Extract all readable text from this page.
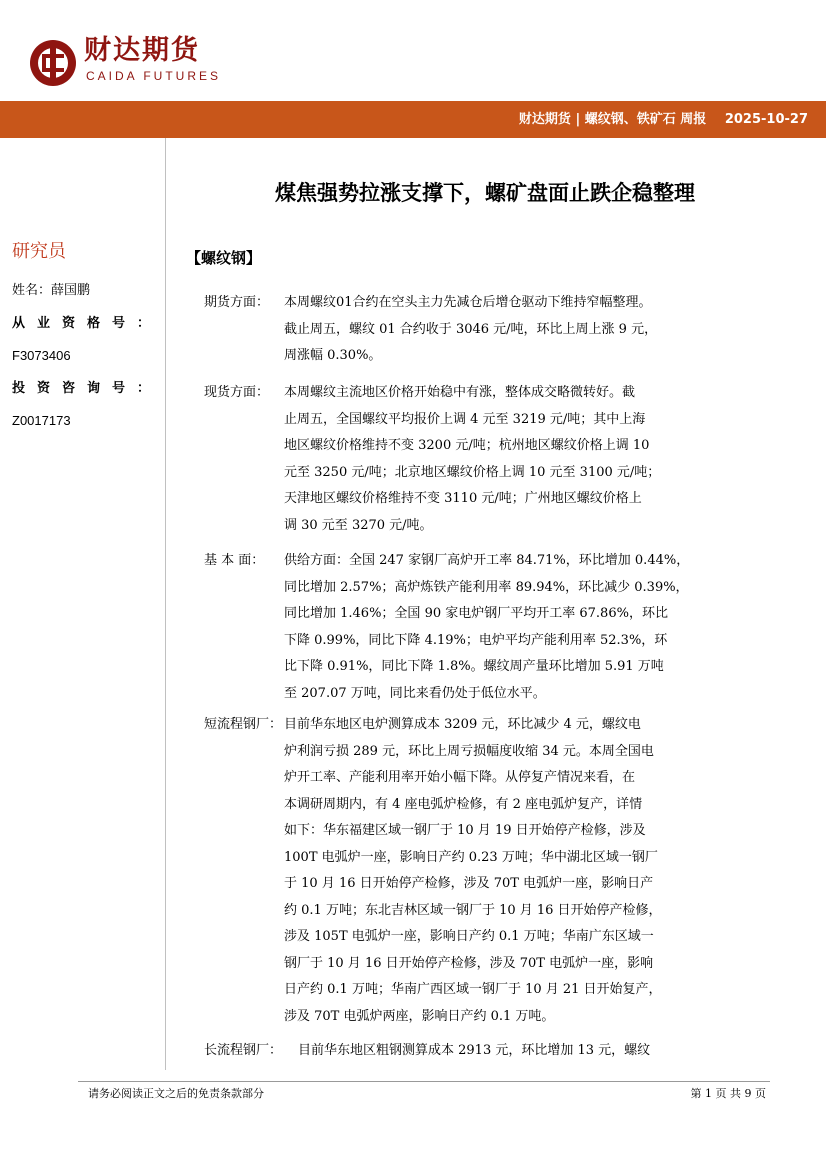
财达期货
CAIDA FUTURES
财达期货 | 螺纹钢、铁矿石 周报 2025-10-27
煤焦强势拉涨支撑下，螺矿盘面止跌企稳整理
研究员
姓名：薛国鹏
从业资格号：
F3073406
投资咨询号：
Z0017173
【螺纹钢】
期货方面： 本周螺纹01合约在空头主力先减仓后增仓驱动下维持窄幅整理。
截止周五，螺纹 01 合约收于 3046 元/吨，环比上周上涨 9 元，
周涨幅 0.30%。
现货方面： 本周螺纹主流地区价格开始稳中有涨，整体成交略微转好。截
止周五，全国螺纹平均报价上调 4 元至 3219 元/吨；其中上海
地区螺纹价格维持不变 3200 元/吨；杭州地区螺纹价格上调 10
元至 3250 元/吨；北京地区螺纹价格上调 10 元至 3100 元/吨；
天津地区螺纹价格维持不变 3110 元/吨；广州地区螺纹价格上
调 30 元至 3270 元/吨。
基 本 面： 供给方面：全国 247 家钢厂高炉开工率 84.71%，环比增加 0.44%，
同比增加 2.57%；高炉炼铁产能利用率 89.94%，环比减少 0.39%，
同比增加 1.46%；全国 90 家电炉钢厂平均开工率 67.86%，环比
下降 0.99%，同比下降 4.19%；电炉平均产能利用率 52.3%，环
比下降 0.91%，同比下降 1.8%。螺纹周产量环比增加 5.91 万吨
至 207.07 万吨，同比来看仍处于低位水平。
短流程钢厂： 目前华东地区电炉测算成本 3209 元，环比减少 4 元，螺纹电
炉利润亏损 289 元，环比上周亏损幅度收缩 34 元。本周全国电
炉开工率、产能利用率开始小幅下降。从停复产情况来看，在
本调研周期内，有 4 座电弧炉检修，有 2 座电弧炉复产，详情
如下：华东福建区域一钢厂于 10 月 19 日开始停产检修，涉及
100T 电弧炉一座，影响日产约 0.23 万吨；华中湖北区域一钢厂
于 10 月 16 日开始停产检修，涉及 70T 电弧炉一座，影响日产
约 0.1 万吨；东北吉林区域一钢厂于 10 月 16 日开始停产检修，
涉及 105T 电弧炉一座，影响日产约 0.1 万吨；华南广东区域一
钢厂于 10 月 16 日开始停产检修，涉及 70T 电弧炉一座，影响
日产约 0.1 万吨；华南广西区域一钢厂于 10 月 21 日开始复产，
涉及 70T 电弧炉两座，影响日产约 0.1 万吨。
长流程钢厂： 目前华东地区粗钢测算成本 2913 元，环比增加 13 元，螺纹
请务必阅读正文之后的免责条款部分	第 1 页 共 9 页
